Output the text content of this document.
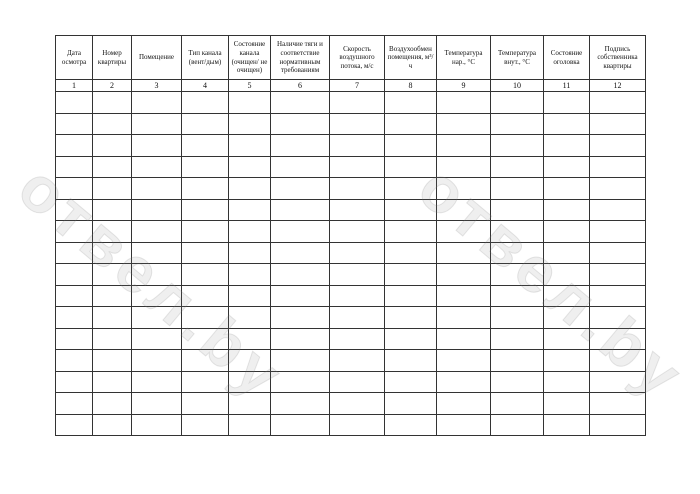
отвел.by отвел.by
Дата осмотра	Номер квартиры	Помещение	Тип канала (вент/дым)	Состояние канала (очищен/ не очищен)	Наличие тяги и соответствие нормативным требованиям	Скорость воздушного потока, м/с	Воздухообмен помещения, м³/ч	Температура нар., °С	Температура внут., °С	Состояние оголовка	Подпись собственника квартиры

1	2	3	4	5	6	7	8	9	10	11	12
